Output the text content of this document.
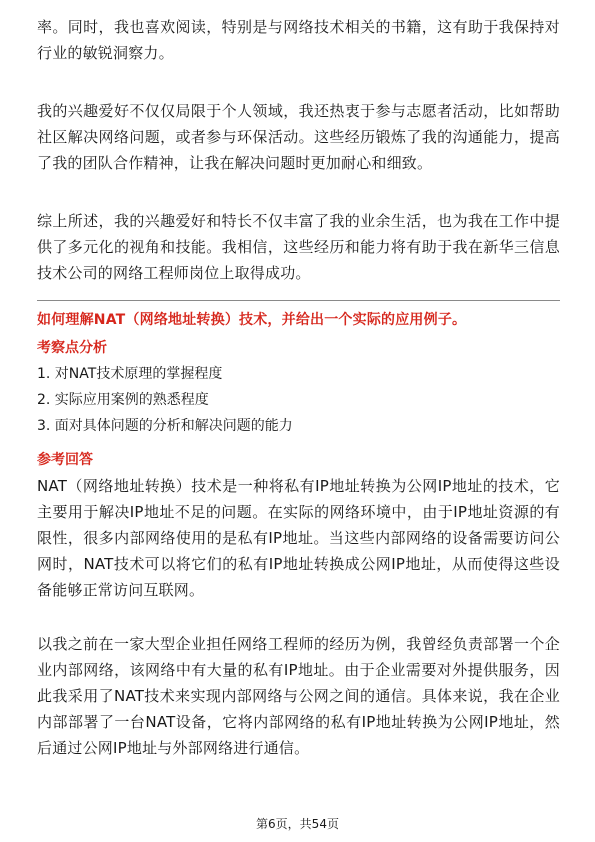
率。同时，我也喜欢阅读，特别是与网络技术相关的书籍，这有助于我保持对行业的敏锐洞察力。

我的兴趣爱好不仅仅局限于个人领域，我还热衷于参与志愿者活动，比如帮助社区解决网络问题，或者参与环保活动。这些经历锻炼了我的沟通能力，提高了我的团队合作精神，让我在解决问题时更加耐心和细致。

综上所述，我的兴趣爱好和特长不仅丰富了我的业余生活，也为我在工作中提供了多元化的视角和技能。我相信，这些经历和能力将有助于我在新华三信息技术公司的网络工程师岗位上取得成功。

如何理解NAT（网络地址转换）技术，并给出一个实际的应用例子。
考察点分析
1. 对NAT技术原理的掌握程度
2. 实际应用案例的熟悉程度
3. 面对具体问题的分析和解决问题的能力
参考回答

NAT（网络地址转换）技术是一种将私有IP地址转换为公网IP地址的技术，它主要用于解决IP地址不足的问题。在实际的网络环境中，由于IP地址资源的有限性，很多内部网络使用的是私有IP地址。当这些内部网络的设备需要访问公网时，NAT技术可以将它们的私有IP地址转换成公网IP地址，从而使得这些设备能够正常访问互联网。

以我之前在一家大型企业担任网络工程师的经历为例，我曾经负责部署一个企业内部网络，该网络中有大量的私有IP地址。由于企业需要对外提供服务，因此我采用了NAT技术来实现内部网络与公网之间的通信。具体来说，我在企业内部部署了一台NAT设备，它将内部网络的私有IP地址转换为公网IP地址，然后通过公网IP地址与外部网络进行通信。

第6页，共54页
